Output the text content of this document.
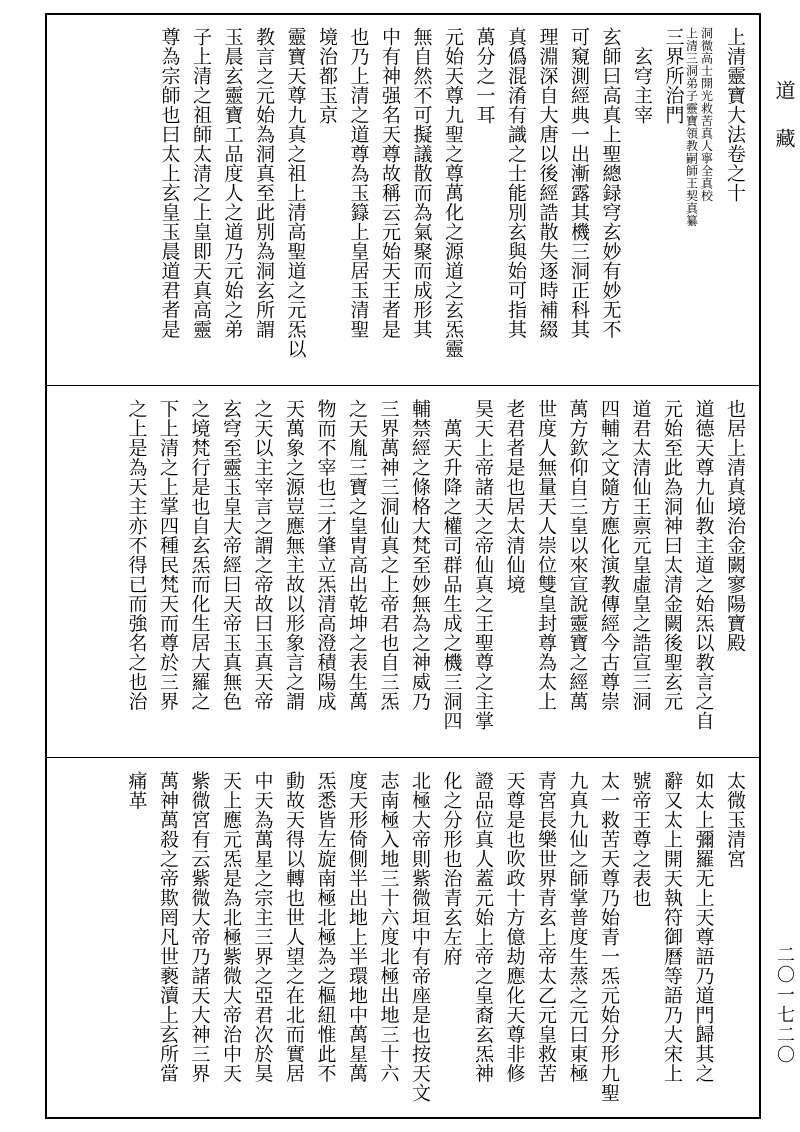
上清靈寶大法卷之十
洞微高士開光救苦真人寧全真校
上清三洞弟子靈寶領教嗣師王契真纂
三界所治門
　玄穹主宰
玄師曰高真上聖總録穹玄妙有妙无不
可窺測經典一出漸露其機三洞正科其
理淵深自大唐以後經誥散失逐時補綴
真僞混淆有識之士能別玄與始可指其
萬分之一耳
元始天尊九聖之尊萬化之源道之玄炁靈
無自然不可擬議散而為氣聚而成形其
中有神强名天尊故稱云元始天王者是
也乃上清之道尊為玉籙上皇居玉清聖
境治都玉京
靈寶天尊九真之祖上清高聖道之元炁以
教言之元始為洞真至此別為洞玄所謂
玉晨玄靈寶工品度人之道乃元始之弟
子上清之祖師太清之上皇即天真高靈
尊為宗師也曰太上玄皇玉晨道君者是
也居上清真境治金闕寥陽寶殿
道德天尊九仙教主道之始炁以教言之自
元始至此為洞神曰太清金闕後聖玄元
道君太清仙王禀元皇虛皇之誥宣三洞
四輔之文隨方應化演教傳經今古尊崇
萬方欽仰自三皇以來宣說靈寶之經萬
世度人無量天人崇位雙皇封尊為太上
老君者是也居太清仙境
昊天上帝諸天之帝仙真之王聖尊之主掌
　萬天升降之權司群品生成之機三洞四
輔禁經之條格大梵至妙無為之神威乃
三界萬神三洞仙真之上帝君也自三炁
之天胤三寶之皇胄高出乾坤之表生萬
物而不宰也三才肇立炁清高澄積陽成
天萬象之源豈應無主故以形象言之謂
之天以主宰言之謂之帝故曰玉真天帝
玄穹至靈玉皇大帝經曰天帝玉真無色
之境梵行是也自玄炁而化生居大羅之
下上清之上掌四種民梵天而尊於三界
之上是為天主亦不得已而強名之也治
太微玉清宮
如太上彌羅无上天尊語乃道門歸其之
辭又太上開天執符御曆等語乃大宋上
號帝王尊之表也
太一救苦天尊乃始青一炁元始分形九聖
九真九仙之師掌普度生蒸之元曰東極
青宮長樂世界青玄上帝太乙元皇救苦
天尊是也吹政十方億劫應化天尊非修
證品位真人蓋元始上帝之皇裔玄炁神
化之分形也治青玄左府
北極大帝則紫微垣中有帝座是也按天文
志南極入地三十六度北極出地三十六
度天形倚側半出地上半環地中萬星萬
炁悉皆左旋南極北極為之樞紐惟此不
動故天得以轉也世人望之在北而實居
中天為萬星之宗主三界之亞君次於昊
天上應元炁是為北極紫微大帝治中天
紫微宮有云紫微大帝乃諸天大神三界
萬神萬殺之帝欺罔凡世褻瀆上玄所當
痛革
道藏
二〇一七二〇
